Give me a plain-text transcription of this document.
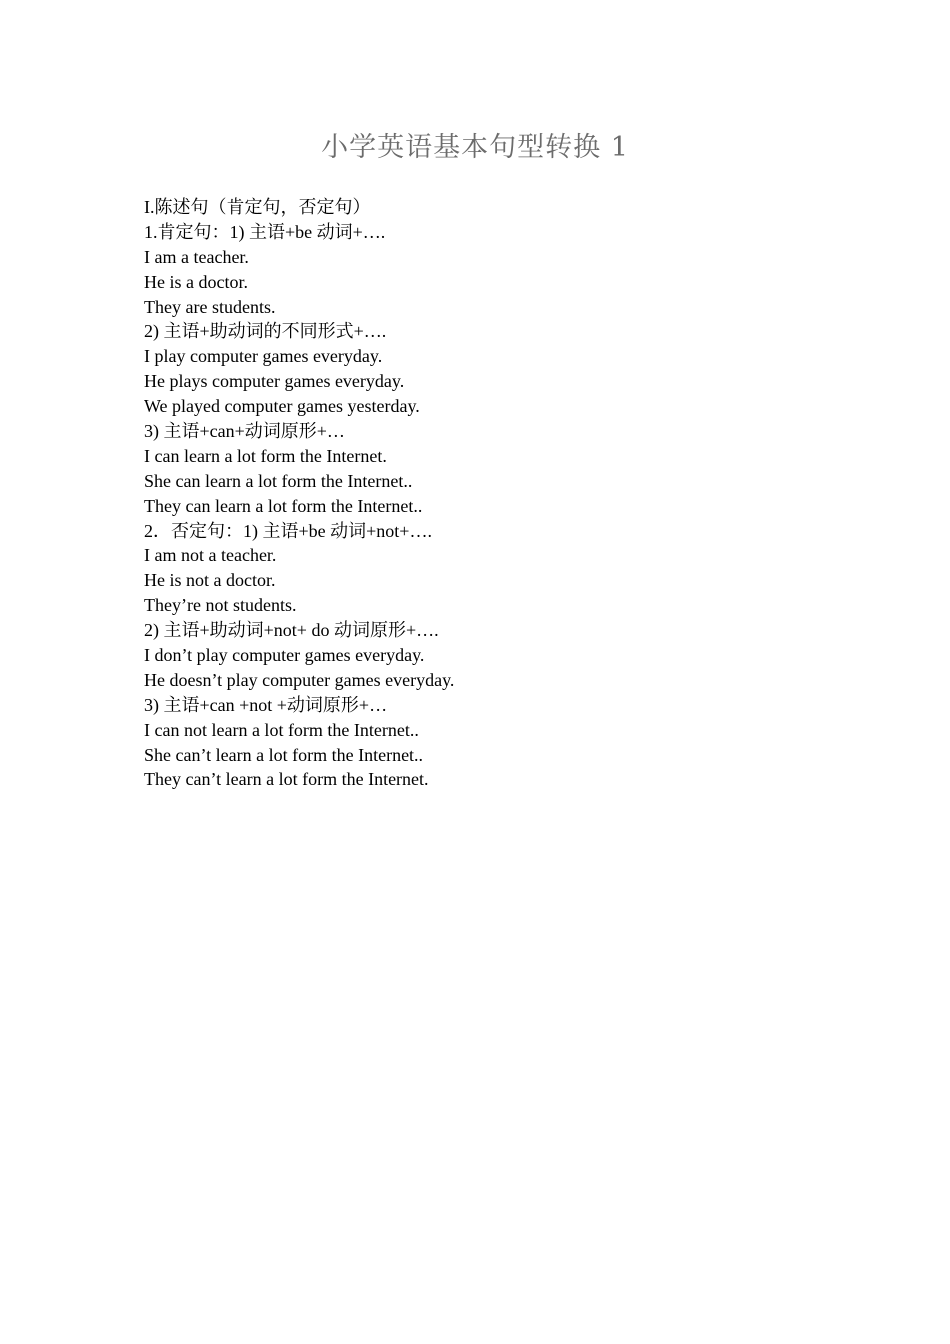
小学英语基本句型转换 1
I.陈述句（肯定句，否定句）
1.肯定句：1) 主语+be 动词+….
I am a teacher.
He is a doctor.
They are students.
2) 主语+助动词的不同形式+….
I play computer games everyday.
He plays computer games everyday.
We played computer games yesterday.
3) 主语+can+动词原形+…
I can learn a lot form the Internet.
She can learn a lot form the Internet..
They can learn a lot form the Internet..
2．否定句：1) 主语+be 动词+not+….
I am not a teacher.
He is not a doctor.
They’re not students.
2) 主语+助动词+not+ do 动词原形+….
I don’t play computer games everyday.
He doesn’t play computer games everyday.
3) 主语+can +not +动词原形+…
I can not learn a lot form the Internet..
She can’t learn a lot form the Internet..
They can’t learn a lot form the Internet.
